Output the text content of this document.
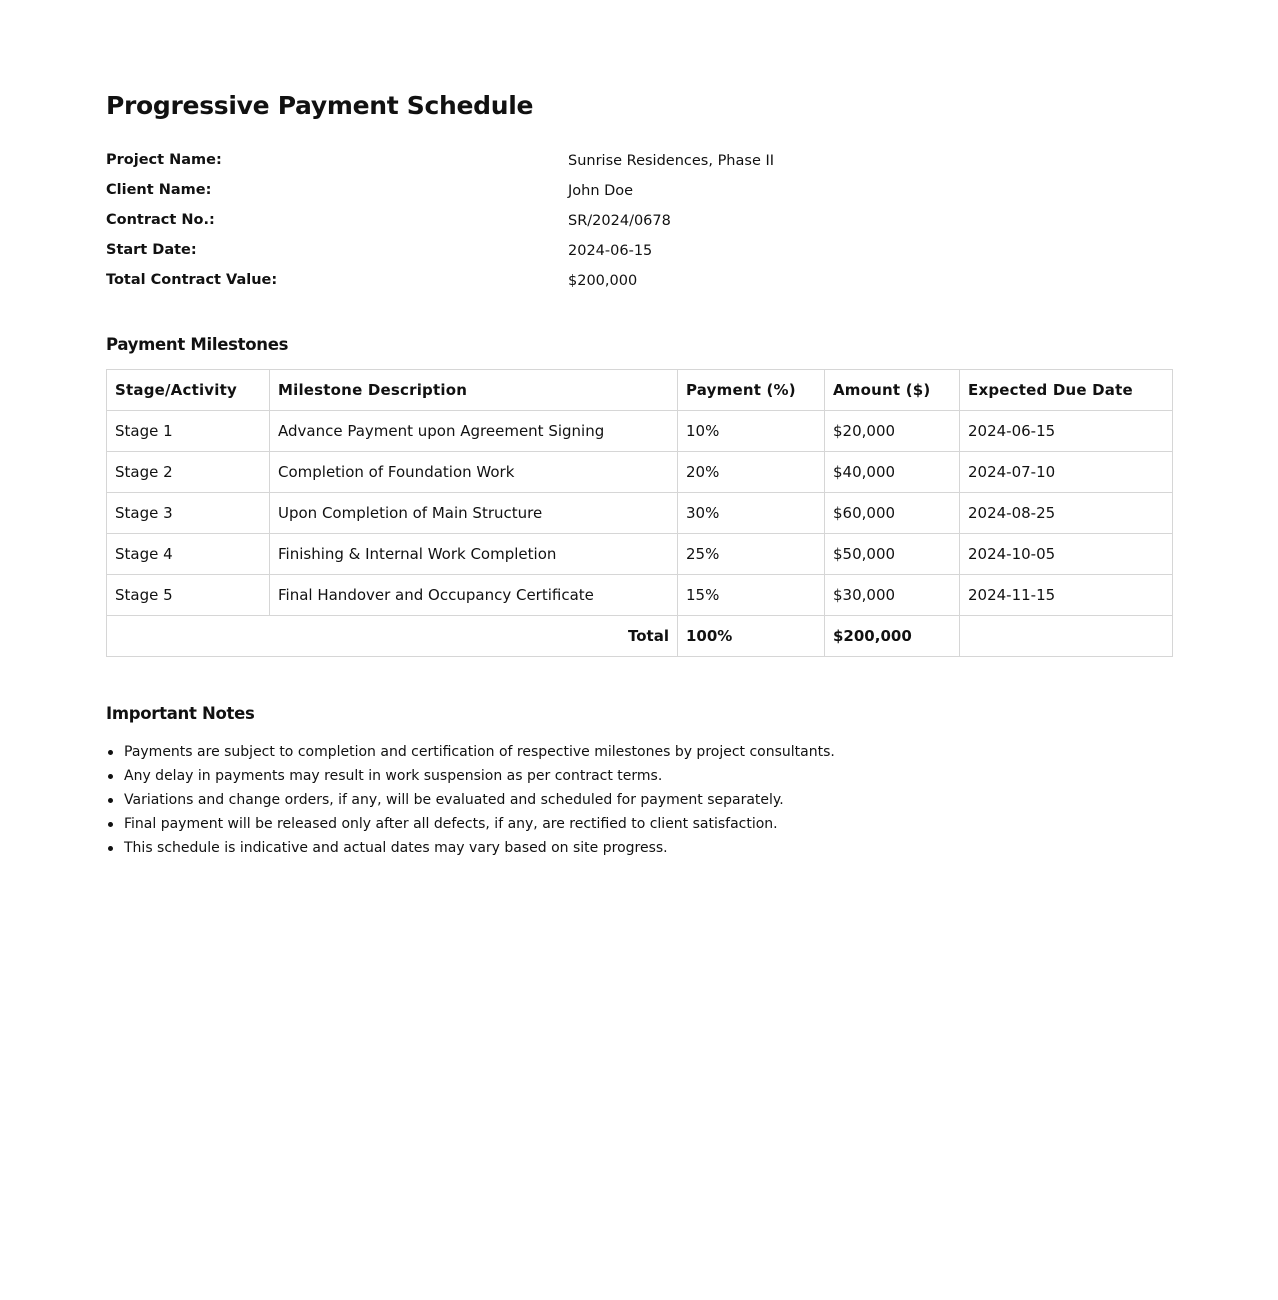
Progressive Payment Schedule
Project Name:	Sunrise Residences, Phase II
Client Name:	John Doe
Contract No.:	SR/2024/0678
Start Date:	2024-06-15
Total Contract Value:	$200,000
Payment Milestones
Stage/Activity	Milestone Description	Payment (%)	Amount ($)	Expected Due Date
Stage 1	Advance Payment upon Agreement Signing	10%	$20,000	2024-06-15
Stage 2	Completion of Foundation Work	20%	$40,000	2024-07-10
Stage 3	Upon Completion of Main Structure	30%	$60,000	2024-08-25
Stage 4	Finishing & Internal Work Completion	25%	$50,000	2024-10-05
Stage 5	Final Handover and Occupancy Certificate	15%	$30,000	2024-11-15
Total		100%	$200,000	
Important Notes
Payments are subject to completion and certification of respective milestones by project consultants.
Any delay in payments may result in work suspension as per contract terms.
Variations and change orders, if any, will be evaluated and scheduled for payment separately.
Final payment will be released only after all defects, if any, are rectified to client satisfaction.
This schedule is indicative and actual dates may vary based on site progress.
